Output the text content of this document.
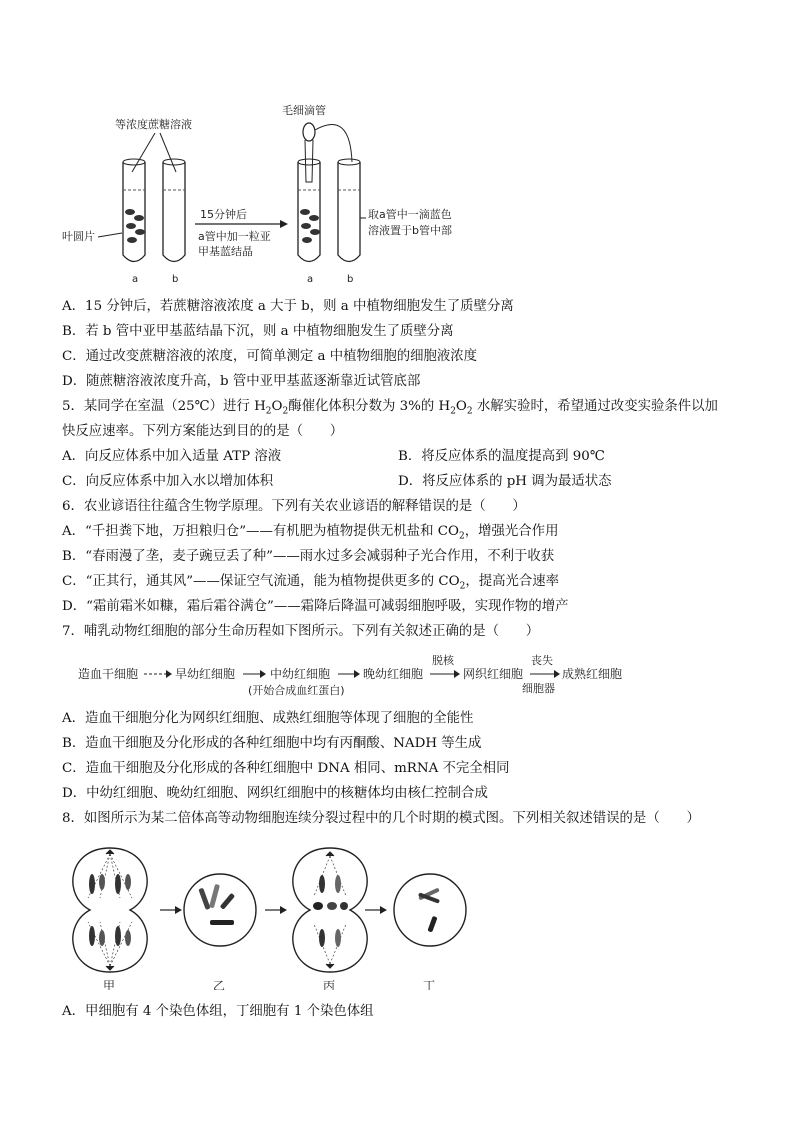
等浓度蔗糖溶液
叶圆片
a	b
15分钟后
a管中加一粒亚
甲基蓝结晶
毛细滴管
a	b
取a管中一滴蓝色
溶液置于b管中部
A．15 分钟后，若蔗糖溶液浓度 a 大于 b，则 a 中植物细胞发生了质壁分离
B．若 b 管中亚甲基蓝结晶下沉，则 a 中植物细胞发生了质壁分离
C．通过改变蔗糖溶液的浓度，可简单测定 a 中植物细胞的细胞液浓度
D．随蔗糖溶液浓度升高，b 管中亚甲基蓝逐渐靠近试管底部
5．某同学在室温（25℃）进行 $H_2O_2$酶催化体积分数为 3%的 $H_2O_2$ 水解实验时，希望通过改变实验条件以加
快反应速率。下列方案能达到目的的是（　　）
A．向反应体系中加入适量 ATP 溶液	B．将反应体系的温度提高到 90℃
C．向反应体系中加入水以增加体积	D．将反应体系的 pH 调为最适状态
6．农业谚语往往蕴含生物学原理。下列有关农业谚语的解释错误的是（　　）
A．“千担粪下地，万担粮归仓”——有机肥为植物提供无机盐和 $CO_2$，增强光合作用
B．“春雨漫了垄，麦子豌豆丢了种”——雨水过多会减弱种子光合作用，不利于收获
C．“正其行，通其风”——保证空气流通，能为植物提供更多的 $CO_2$，提高光合速率
D．“霜前霜米如糠，霜后霜谷满仓”——霜降后降温可减弱细胞呼吸，实现作物的增产
7．哺乳动物红细胞的部分生命历程如下图所示。下列有关叙述正确的是（　　）
造血干细胞	早幼红细胞	中幼红细胞
(开始合成血红蛋白)
晚幼红细胞
脱核
网织红细胞
丧失
细胞器
成熟红细胞
A．造血干细胞分化为网织红细胞、成熟红细胞等体现了细胞的全能性
B．造血干细胞及分化形成的各种红细胞中均有丙酮酸、NADH 等生成
C．造血干细胞及分化形成的各种红细胞中 DNA 相同、mRNA 不完全相同
D．中幼红细胞、晚幼红细胞、网织红细胞中的核糖体均由核仁控制合成
8．如图所示为某二倍体高等动物细胞连续分裂过程中的几个时期的模式图。下列相关叙述错误的是（　　）
甲	乙	丙	丁
A．甲细胞有 4 个染色体组，丁细胞有 1 个染色体组
